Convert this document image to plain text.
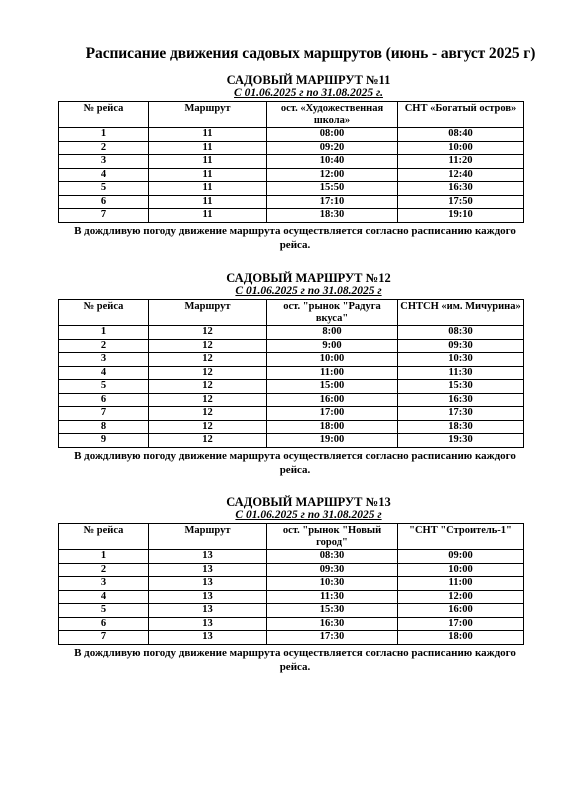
Расписание движения садовых маршрутов (июнь - август 2025 г)
САДОВЫЙ МАРШРУТ №11
С 01.06.2025 г по 31.08.2025 г.
№ рейса	Маршрут	ост. «Художественная школа»	СНТ «Богатый остров»
1	11	08:00	08:40
2	11	09:20	10:00
3	11	10:40	11:20
4	11	12:00	12:40
5	11	15:50	16:30
6	11	17:10	17:50
7	11	18:30	19:10
В дождливую погоду движение маршрута осуществляется согласно расписанию каждого рейса.
САДОВЫЙ МАРШРУТ №12
С 01.06.2025 г по 31.08.2025 г
№ рейса	Маршрут	ост. "рынок "Радуга вкуса"	СНТСН «им. Мичурина»
1	12	8:00	08:30
2	12	9:00	09:30
3	12	10:00	10:30
4	12	11:00	11:30
5	12	15:00	15:30
6	12	16:00	16:30
7	12	17:00	17:30
8	12	18:00	18:30
9	12	19:00	19:30
В дождливую погоду движение маршрута осуществляется согласно расписанию каждого рейса.
САДОВЫЙ МАРШРУТ №13
С 01.06.2025 г по 31.08.2025 г
№ рейса	Маршрут	ост. "рынок "Новый город"	"СНТ "Строитель-1"
1	13	08:30	09:00
2	13	09:30	10:00
3	13	10:30	11:00
4	13	11:30	12:00
5	13	15:30	16:00
6	13	16:30	17:00
7	13	17:30	18:00
В дождливую погоду движение маршрута осуществляется согласно расписанию каждого рейса.
